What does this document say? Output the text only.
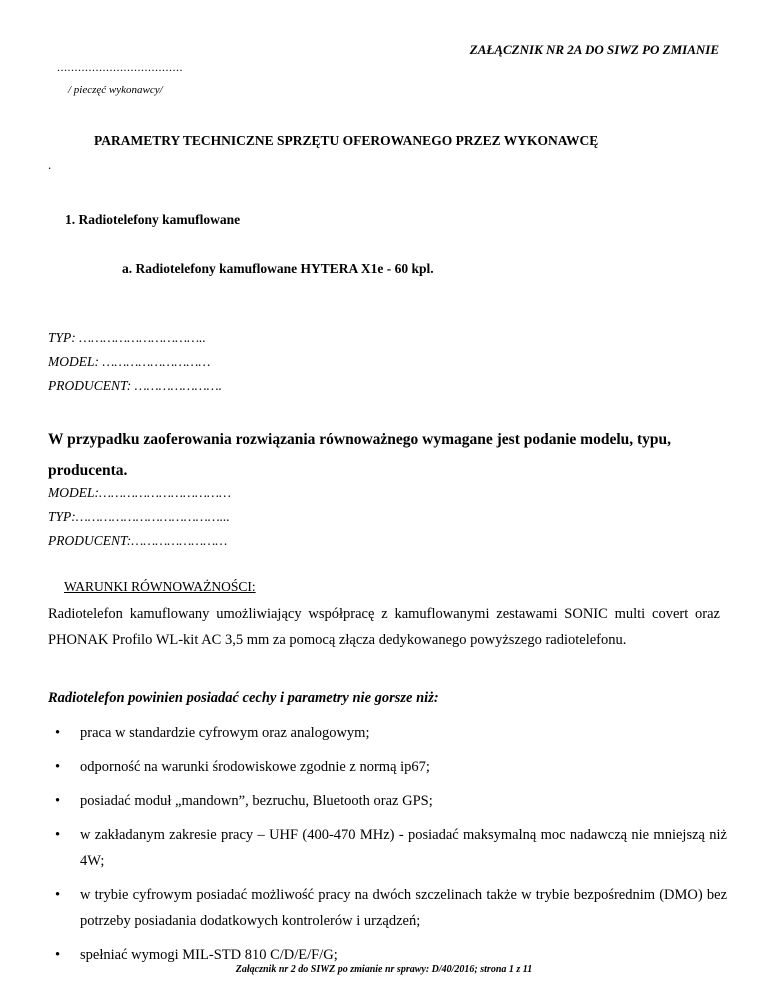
ZAŁĄCZNIK NR 2A DO SIWZ PO ZMIANIE
....................................
/ pieczęć wykonawcy/
PARAMETRY TECHNICZNE SPRZĘTU OFEROWANEGO PRZEZ WYKONAWCĘ
.
1. Radiotelefony kamuflowane
a. Radiotelefony kamuflowane HYTERA X1e - 60 kpl.
TYP: …………………………..
MODEL: ………………………
PRODUCENT: ………………….
W przypadku zaoferowania rozwiązania równoważnego wymagane jest podanie modelu, typu, producenta.
MODEL:……………………………
TYP:………………………………...
PRODUCENT:……………………
WARUNKI RÓWNOWAŻNOŚCI:
Radiotelefon kamuflowany umożliwiający współpracę z kamuflowanymi zestawami SONIC multi covert oraz PHONAK Profilo WL-kit AC 3,5 mm za pomocą złącza dedykowanego powyższego radiotelefonu.
Radiotelefon powinien posiadać cechy i parametry nie gorsze niż:
• praca w standardzie cyfrowym oraz analogowym;
• odporność na warunki środowiskowe zgodnie z normą ip67;
• posiadać moduł „mandown”, bezruchu, Bluetooth oraz GPS;
• w zakładanym zakresie pracy – UHF (400-470 MHz) - posiadać maksymalną moc nadawczą nie mniejszą niż 4W;
• w trybie cyfrowym posiadać możliwość pracy na dwóch szczelinach także w trybie bezpośrednim (DMO) bez potrzeby posiadania dodatkowych kontrolerów i urządzeń;
• spełniać wymogi MIL-STD 810 C/D/E/F/G;
Załącznik nr 2 do SIWZ po zmianie nr sprawy: D/40/2016; strona 1 z 11
